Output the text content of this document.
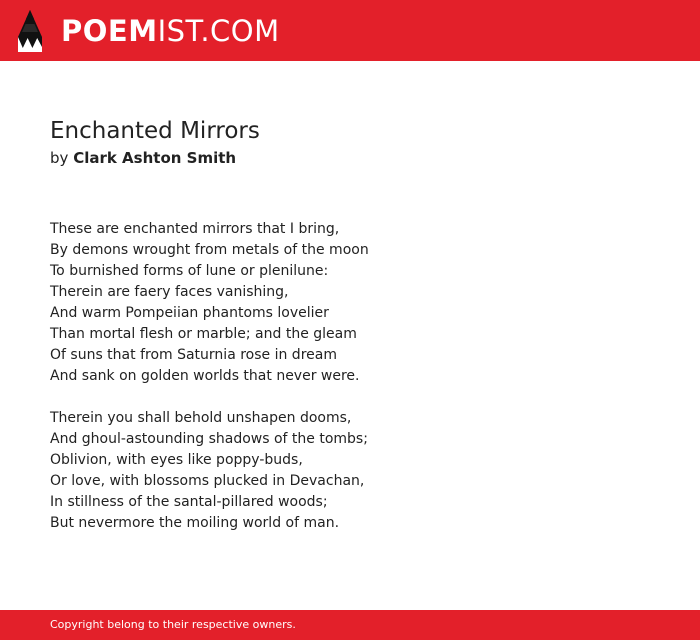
POEMIST.COM
Enchanted Mirrors
by Clark Ashton Smith
These are enchanted mirrors that I bring,
By demons wrought from metals of the moon
To burnished forms of lune or plenilune:
Therein are faery faces vanishing,
And warm Pompeiian phantoms lovelier
Than mortal flesh or marble; and the gleam
Of suns that from Saturnia rose in dream
And sank on golden worlds that never were.
Therein you shall behold unshapen dooms,
And ghoul-astounding shadows of the tombs;
Oblivion, with eyes like poppy-buds,
Or love, with blossoms plucked in Devachan,
In stillness of the santal-pillared woods;
But nevermore the moiling world of man.
Copyright belong to their respective owners.
